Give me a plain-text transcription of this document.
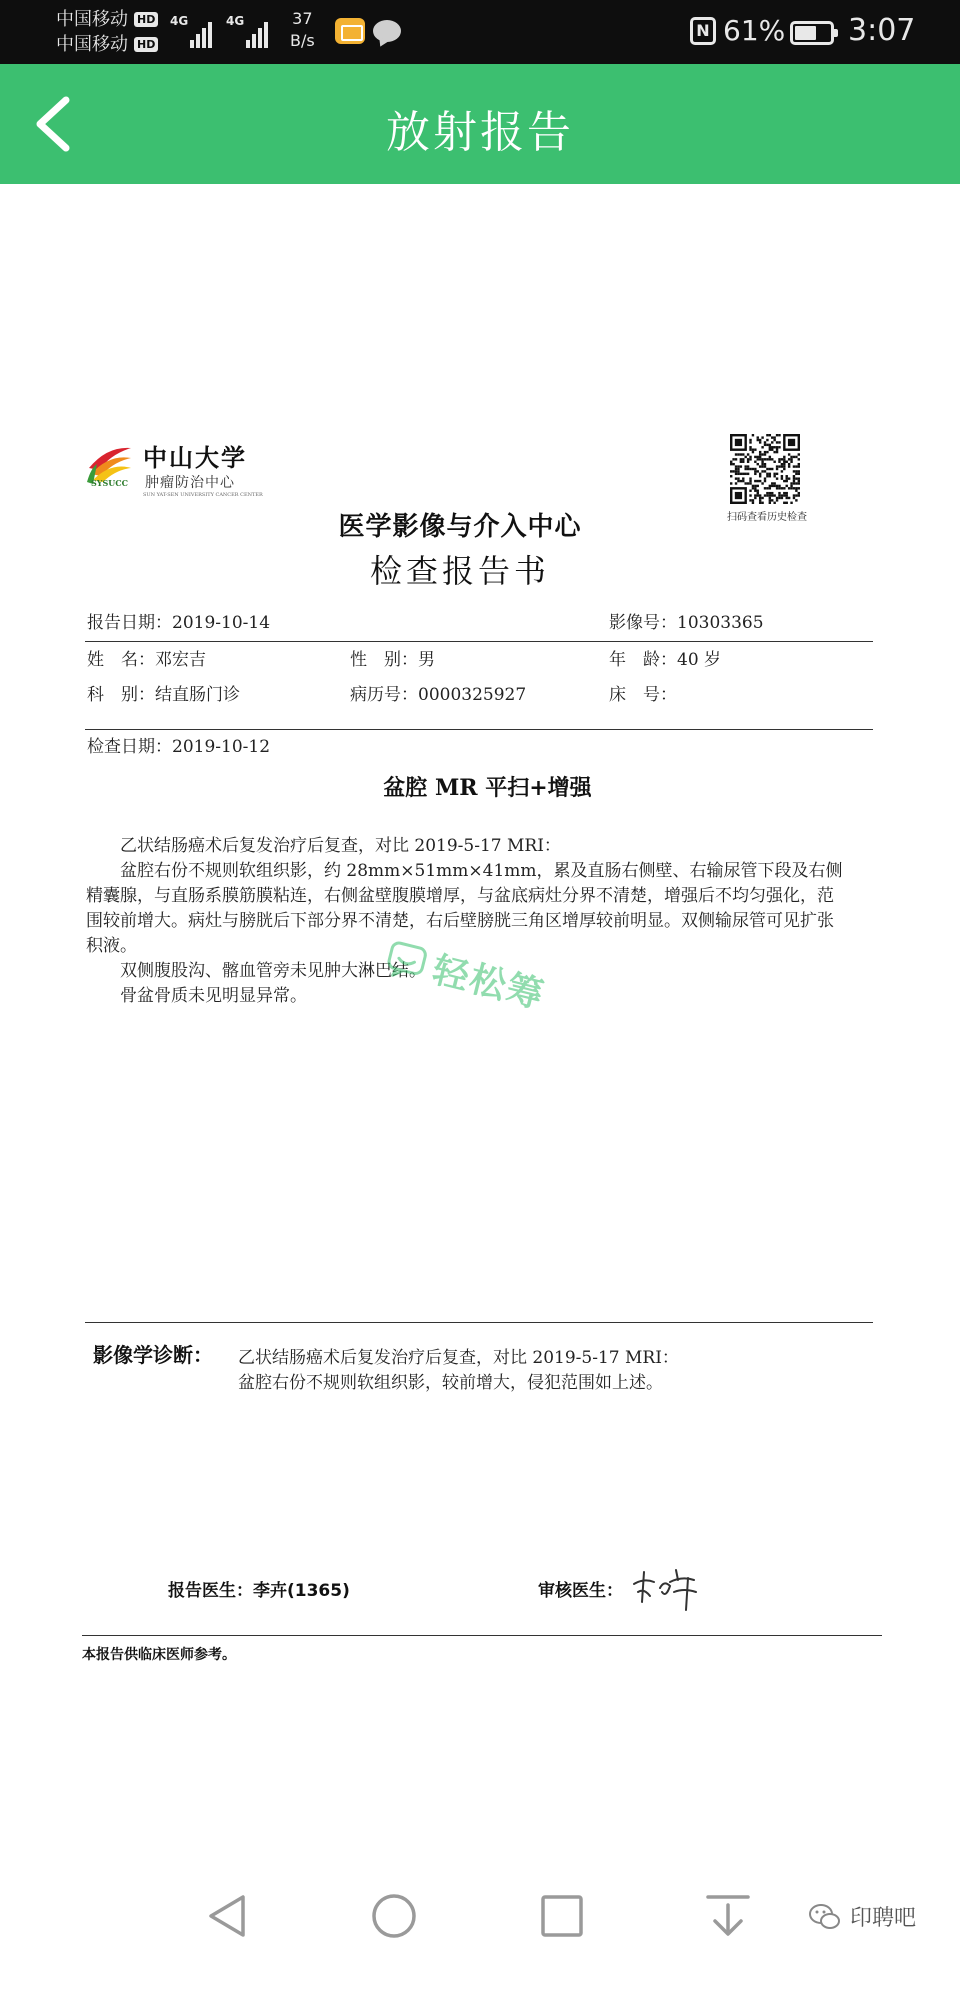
中国移动 HD
中国移动 HD
4G	4G	37
B/s
N 61% 3:07
放射报告
SYSUCC
中山大学
肿瘤防治中心
SUN YAT-SEN UNIVERSITY CANCER CENTER
扫码查看历史检查
医学影像与介入中心
检查报告书
报告日期：2019-10-14	影像号：10303365
姓　名：邓宏吉	性　别：男	年　龄：40 岁
科　别：结直肠门诊	病历号：0000325927	床　号：
检查日期：2019-10-12
盆腔 MR 平扫+增强

乙状结肠癌术后复发治疗后复查，对比 2019-5-17 MRI：

盆腔右份不规则软组织影，约 28mm×51mm×41mm，累及直肠右侧壁、右输尿管下段及右侧精囊腺，与直肠系膜筋膜粘连，右侧盆壁腹膜增厚，与盆底病灶分界不清楚，增强后不均匀强化，范围较前增大。病灶与膀胱后下部分界不清楚，右后壁膀胱三角区增厚较前明显。双侧输尿管可见扩张积液。

双侧腹股沟、髂血管旁未见肿大淋巴结。

骨盆骨质未见明显异常。	轻松筹
影像学诊断： 乙状结肠癌术后复发治疗后复查，对比 2019-5-17 MRI：
盆腔右份不规则软组织影，较前增大，侵犯范围如上述。
报告医生：李卉(1365)	审核医生：
本报告供临床医师参考。
印聘吧
